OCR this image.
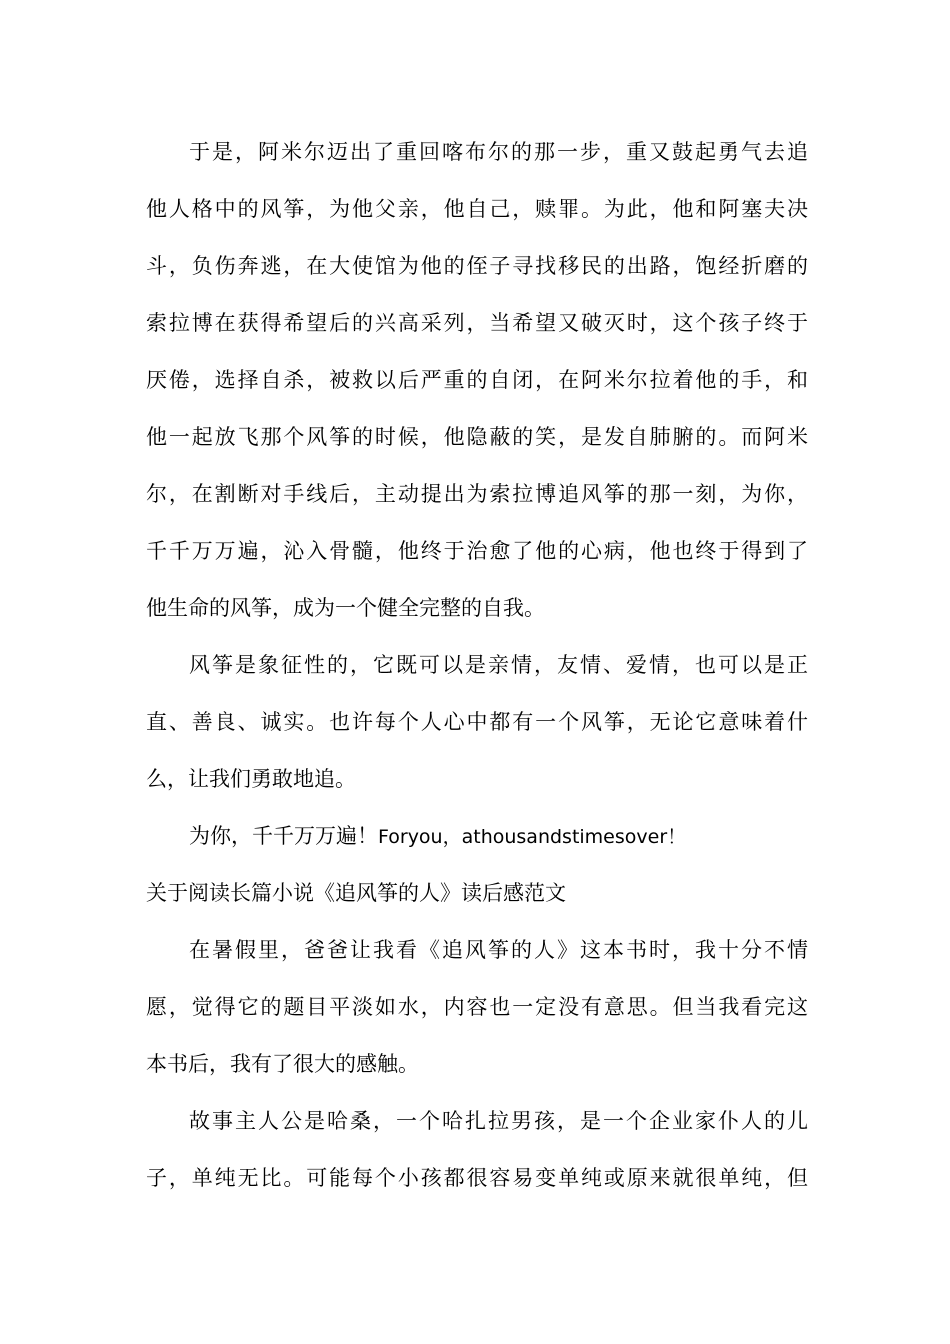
于是，阿米尔迈出了重回喀布尔的那一步，重又鼓起勇气去追
他人格中的风筝，为他父亲，他自己，赎罪。为此，他和阿塞夫决
斗，负伤奔逃，在大使馆为他的侄子寻找移民的出路，饱经折磨的
索拉博在获得希望后的兴高采列，当希望又破灭时，这个孩子终于
厌倦，选择自杀，被救以后严重的自闭，在阿米尔拉着他的手，和
他一起放飞那个风筝的时候，他隐蔽的笑，是发自肺腑的。而阿米
尔，在割断对手线后，主动提出为索拉博追风筝的那一刻，为你，
千千万万遍，沁入骨髓，他终于治愈了他的心病，他也终于得到了
他生命的风筝，成为一个健全完整的自我。
风筝是象征性的，它既可以是亲情，友情、爱情，也可以是正
直、善良、诚实。也许每个人心中都有一个风筝，无论它意味着什
么，让我们勇敢地追。
为你，千千万万遍！Foryou，athousandstimesover！
关于阅读长篇小说《追风筝的人》读后感范文
在暑假里，爸爸让我看《追风筝的人》这本书时，我十分不情
愿，觉得它的题目平淡如水，内容也一定没有意思。但当我看完这
本书后，我有了很大的感触。
故事主人公是哈桑，一个哈扎拉男孩，是一个企业家仆人的儿
子，单纯无比。可能每个小孩都很容易变单纯或原来就很单纯，但
